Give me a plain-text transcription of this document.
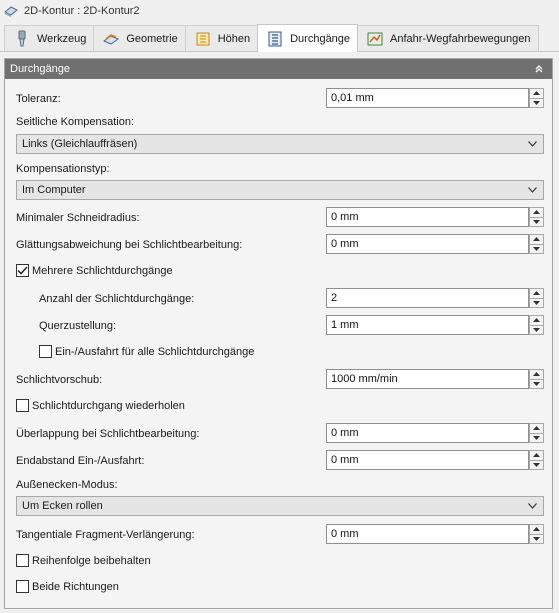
2D-Kontur : 2D-Kontur2
Werkzeug	Geometrie	Höhen	Durchgänge	Anfahr-Wegfahrbewegungen
Durchgänge
Toleranz:	0,01 mm
Seitliche Kompensation:
Links (Gleichlauffräsen)
Kompensationstyp:
Im Computer
Minimaler Schneidradius:	0 mm
Glättungsabweichung bei Schlichtbearbeitung:	0 mm
Mehrere Schlichtdurchgänge
Anzahl der Schlichtdurchgänge:	2
Querzustellung:	1 mm
Ein-/Ausfahrt für alle Schlichtdurchgänge
Schlichtvorschub:	1000 mm/min
Schlichtdurchgang wiederholen
Überlappung bei Schlichtbearbeitung:	0 mm
Endabstand Ein-/Ausfahrt:	0 mm
Außenecken-Modus:
Um Ecken rollen
Tangentiale Fragment-Verlängerung:	0 mm
Reihenfolge beibehalten
Beide Richtungen
